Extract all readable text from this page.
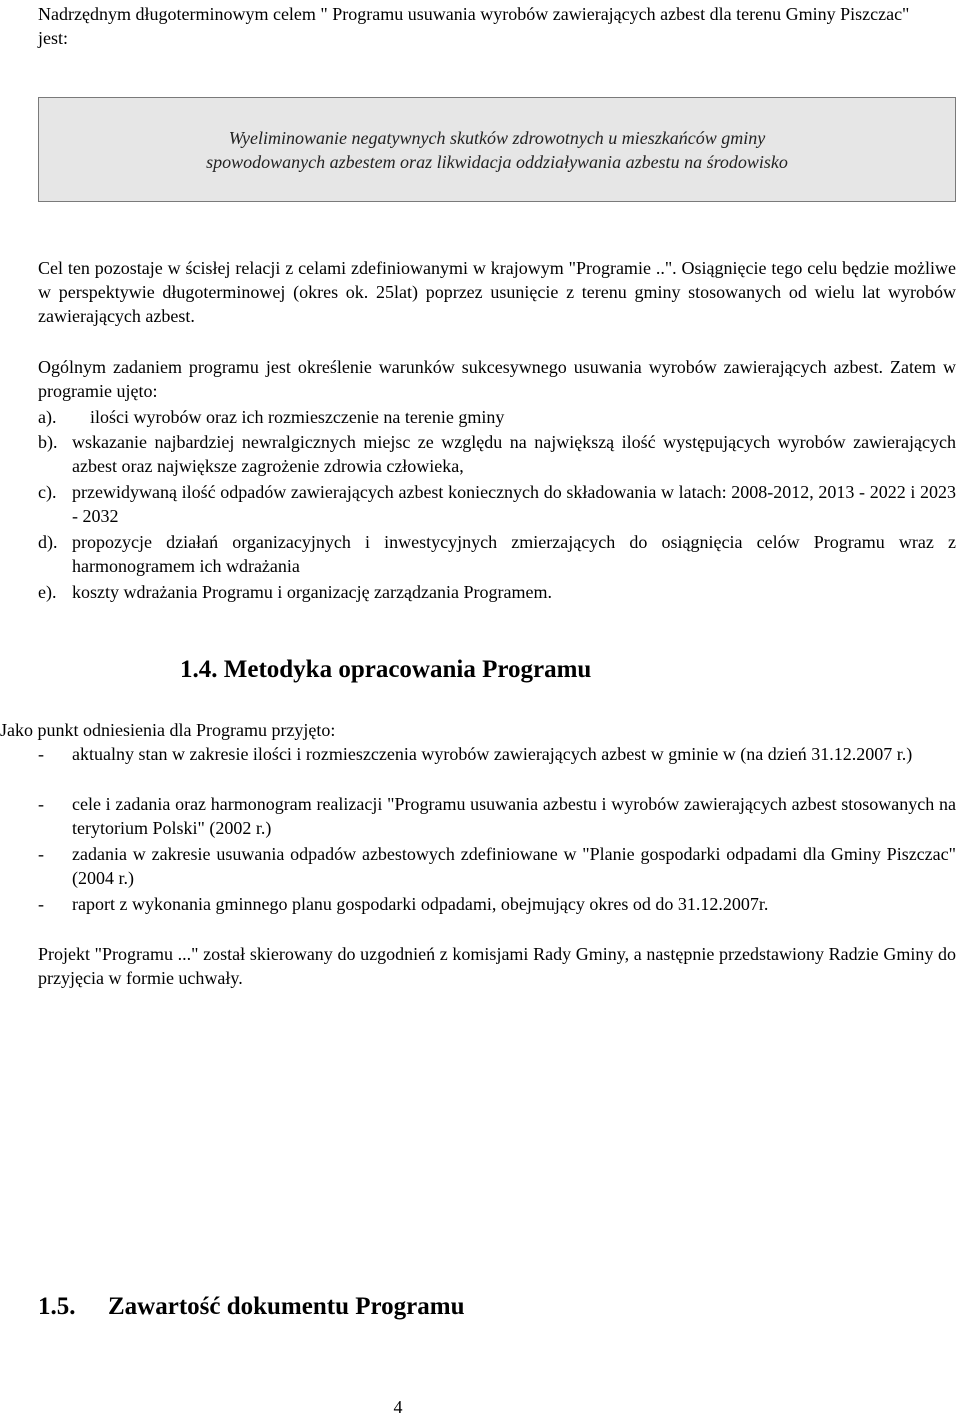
Nadrzędnym długoterminowym celem " Programu usuwania wyrobów zawierających azbest dla terenu Gminy Piszczac" jest:
Wyeliminowanie negatywnych skutków zdrowotnych u mieszkańców gminy
spowodowanych azbestem oraz likwidacja oddziaływania azbestu na środowisko
Cel ten pozostaje w ścisłej relacji z celami zdefiniowanymi w krajowym "Programie ..". Osiągnięcie tego celu będzie możliwe w perspektywie długoterminowej (okres ok. 25lat) poprzez usunięcie z terenu gminy stosowanych od wielu lat wyrobów zawierających azbest.
Ogólnym zadaniem programu jest określenie warunków sukcesywnego usuwania wyrobów zawierających azbest. Zatem w programie ujęto:
a). ilości wyrobów oraz ich rozmieszczenie na terenie gminy
b). wskazanie najbardziej newralgicznych miejsc ze względu na największą ilość występujących wyrobów zawierających azbest oraz największe zagrożenie zdrowia człowieka,
c). przewidywaną ilość odpadów zawierających azbest koniecznych do składowania w latach: 2008-2012, 2013 - 2022 i 2023 - 2032
d). propozycje działań organizacyjnych i inwestycyjnych zmierzających do osiągnięcia celów Programu wraz z harmonogramem ich wdrażania
e). koszty wdrażania Programu i organizację zarządzania Programem.
1.4. Metodyka opracowania Programu
Jako punkt odniesienia dla Programu przyjęto:
- aktualny stan w zakresie ilości i rozmieszczenia wyrobów zawierających azbest w gminie w (na dzień 31.12.2007 r.)
- cele i zadania oraz harmonogram realizacji "Programu usuwania azbestu i wyrobów zawierających azbest stosowanych na terytorium Polski" (2002 r.)
- zadania w zakresie usuwania odpadów azbestowych zdefiniowane w "Planie gospodarki odpadami dla Gminy Piszczac" (2004 r.)
- raport z wykonania gminnego planu gospodarki odpadami, obejmujący okres od do 31.12.2007r.
Projekt "Programu ..." został skierowany do uzgodnień z komisjami Rady Gminy, a następnie przedstawiony Radzie Gminy do przyjęcia w formie uchwały.
1.5. Zawartość dokumentu Programu
4
